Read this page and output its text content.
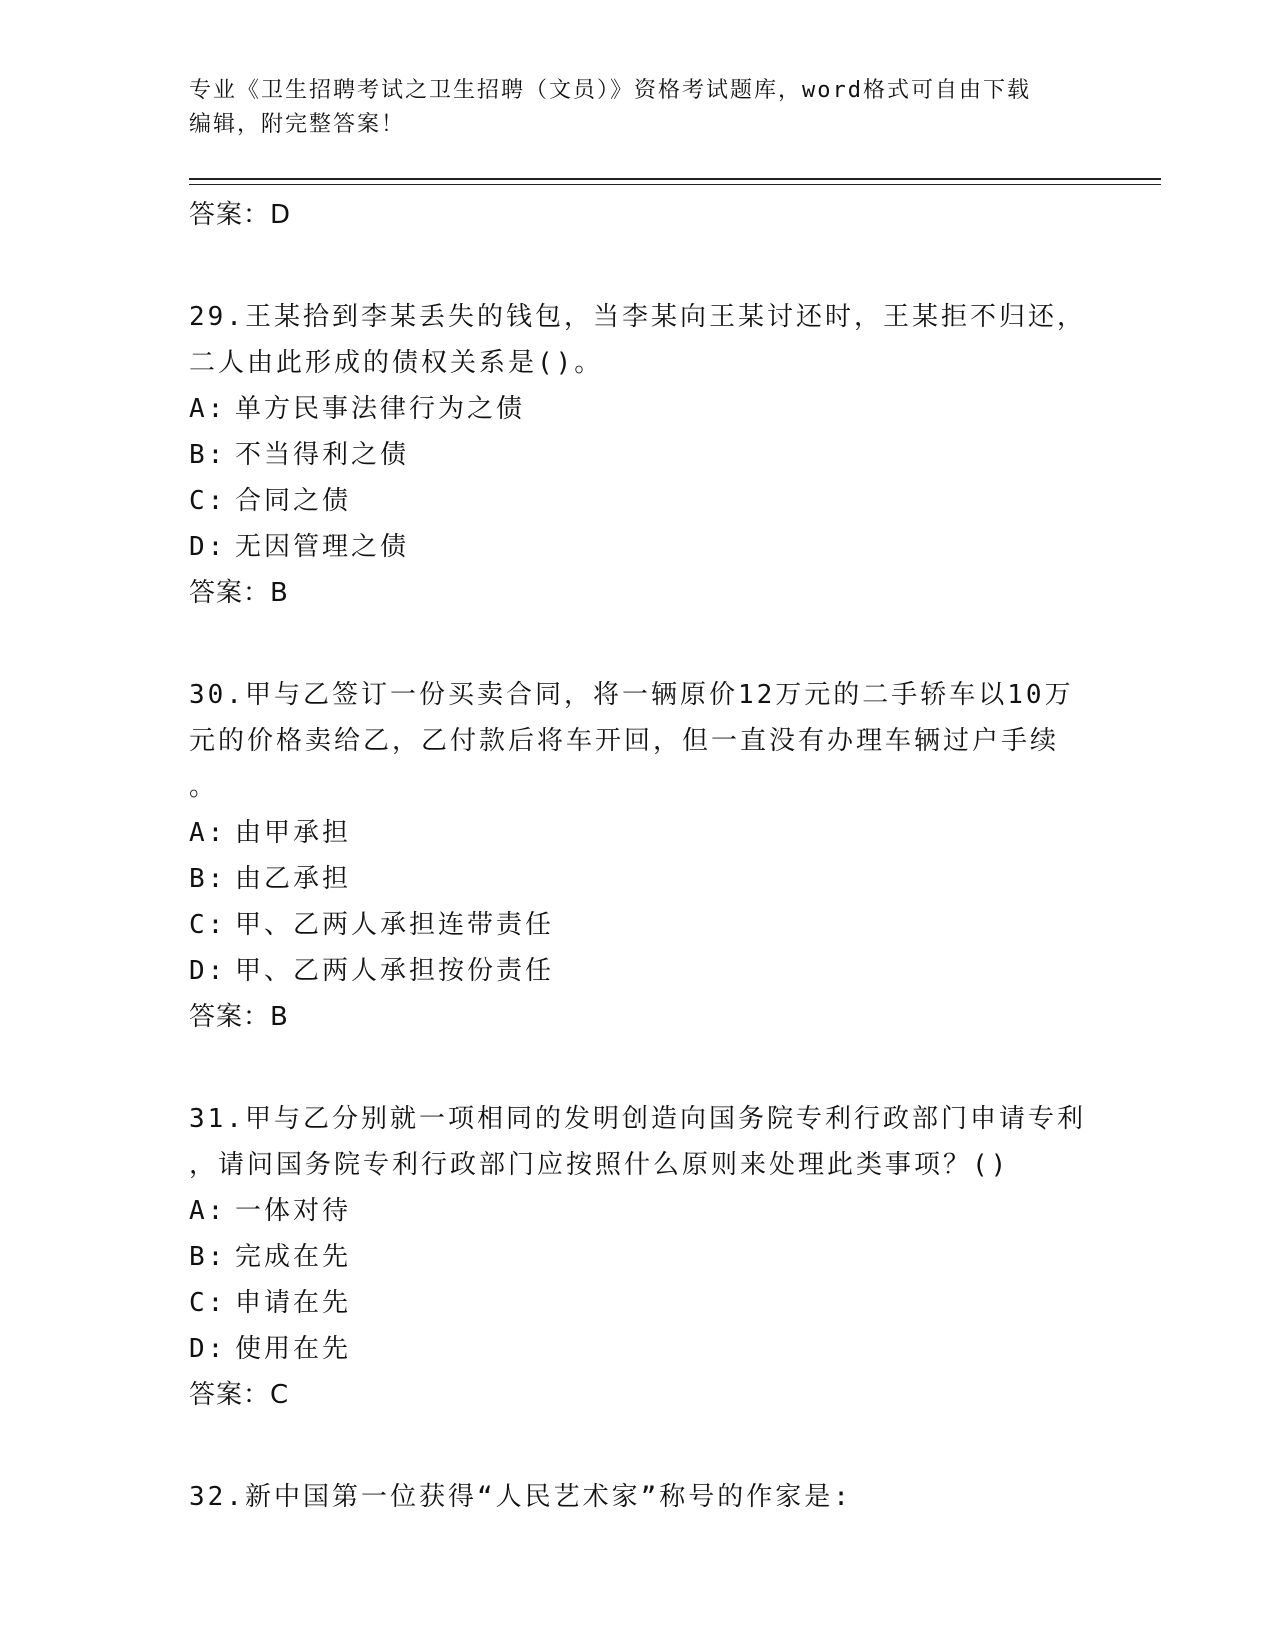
专业《卫生招聘考试之卫生招聘（文员）》资格考试题库，word格式可自由下载
编辑，附完整答案！
答案：D
29.王某拾到李某丢失的钱包，当李某向王某讨还时，王某拒不归还，
二人由此形成的债权关系是()。
A: 单方民事法律行为之债
B: 不当得利之债
C: 合同之债
D: 无因管理之债
答案：B
30.甲与乙签订一份买卖合同，将一辆原价12万元的二手轿车以10万
元的价格卖给乙，乙付款后将车开回，但一直没有办理车辆过户手续
。
A: 由甲承担
B: 由乙承担
C: 甲、乙两人承担连带责任
D: 甲、乙两人承担按份责任
答案：B
31.甲与乙分别就一项相同的发明创造向国务院专利行政部门申请专利
，请问国务院专利行政部门应按照什么原则来处理此类事项？()
A: 一体对待
B: 完成在先
C: 申请在先
D: 使用在先
答案：C
32.新中国第一位获得“人民艺术家”称号的作家是:
